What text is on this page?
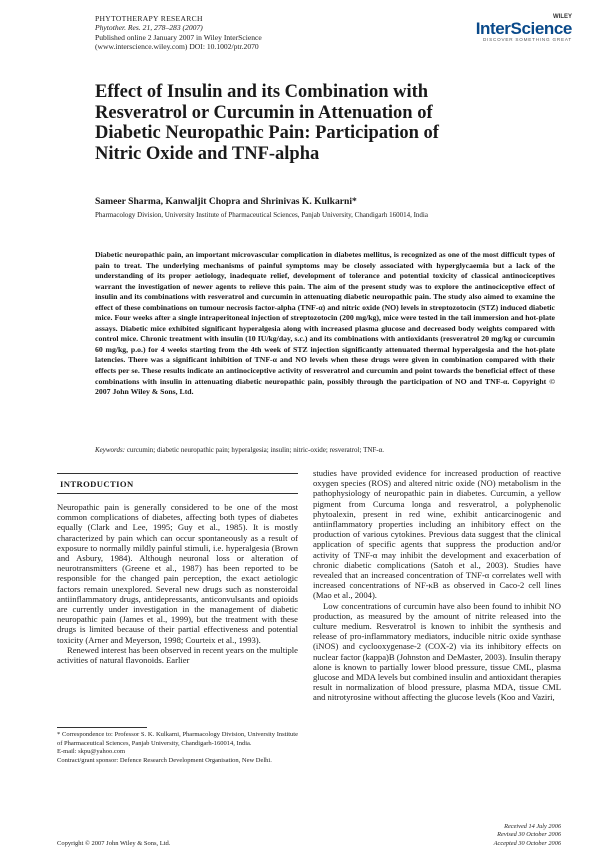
PHYTOTHERAPY RESEARCH
Phytother. Res. 21, 278–283 (2007)
Published online 2 January 2007 in Wiley InterScience
(www.interscience.wiley.com) DOI: 10.1002/ptr.2070
WILEY
InterScience
DISCOVER SOMETHING GREAT
Effect of Insulin and its Combination with
Resveratrol or Curcumin in Attenuation of
Diabetic Neuropathic Pain: Participation of
Nitric Oxide and TNF-alpha
Sameer Sharma, Kanwaljit Chopra and Shrinivas K. Kulkarni*
Pharmacology Division, University Institute of Pharmaceutical Sciences, Panjab University, Chandigarh 160014, India
Diabetic neuropathic pain, an important microvascular complication in diabetes mellitus, is recognized as one of the most difficult types of pain to treat. The underlying mechanisms of painful symptoms may be closely associated with hyperglycaemia but a lack of the understanding of its proper aetiology, inadequate relief, development of tolerance and potential toxicity of classical antinociceptives warrant the investigation of newer agents to relieve this pain. The aim of the present study was to explore the antinociceptive effect of insulin and its combinations with resveratrol and curcumin in attenuating diabetic neuropathic pain. The study also aimed to examine the effect of these combinations on tumour necrosis factor-alpha (TNF-α) and nitric oxide (NO) levels in streptozotocin (STZ) induced diabetic mice. Four weeks after a single intraperitoneal injection of streptozotocin (200 mg/kg), mice were tested in the tail immersion and hot-plate assays. Diabetic mice exhibited significant hyperalgesia along with increased plasma glucose and decreased body weights compared with control mice. Chronic treatment with insulin (10 IU/kg/day, s.c.) and its combinations with antioxidants (resveratrol 20 mg/kg or curcumin 60 mg/kg, p.o.) for 4 weeks starting from the 4th week of STZ injection significantly attenuated thermal hyperalgesia and the hot-plate latencies. There was a significant inhibition of TNF-α and NO levels when these drugs were given in combination compared with their effects per se. These results indicate an antinociceptive activity of resveratrol and curcumin and point towards the beneficial effect of these combinations with insulin in attenuating diabetic neuropathic pain, possibly through the participation of NO and TNF-α. Copyright © 2007 John Wiley & Sons, Ltd.
Keywords: curcumin; diabetic neuropathic pain; hyperalgesia; insulin; nitric-oxide; resveratrol; TNF-α.
INTRODUCTION

Neuropathic pain is generally considered to be one of the most common complications of diabetes, affecting both types of diabetes equally (Clark and Lee, 1995; Guy et al., 1985). It is mostly characterized by pain which can occur spontaneously as a result of exposure to normally mildly painful stimuli, i.e. hyperalgesia (Brown and Asbury, 1984). Although neuronal loss or alteration of neurotransmitters (Greene et al., 1987) has been reported to be responsible for the changed pain perception, the exact aetiologic factors remain unexplored. Several new drugs such as nonsteroidal antiinflammatory drugs, antidepressants, anticonvulsants and opioids are currently under investigation in the management of diabetic neuropathic pain (James et al., 1999), but the treatment with these drugs is limited because of their partial effectiveness and potential toxicity (Arner and Meyerson, 1998; Courteix et al., 1993).

Renewed interest has been observed in recent years on the multiple activities of natural flavonoids. Earlier

studies have provided evidence for increased production of reactive oxygen species (ROS) and altered nitric oxide (NO) metabolism in the pathophysiology of neuropathic pain in diabetes. Curcumin, a yellow pigment from Curcuma longa and resveratrol, a polyphenolic phytoalexin, present in red wine, exhibit anticarcinogenic and antiinflammatory properties including an inhibitory effect on the production of various cytokines. Previous data suggest that the clinical application of specific agents that suppress the production and/or activity of TNF-α may inhibit the development and exacerbation of chronic diabetic complications (Satoh et al., 2003). Studies have revealed that an increased concentration of TNF-α correlates well with increased concentrations of NF-κB as observed in Caco-2 cell lines (Mao et al., 2004).

Low concentrations of curcumin have also been found to inhibit NO production, as measured by the amount of nitrite released into the culture medium. Resveratrol is known to inhibit the synthesis and release of pro-inflammatory mediators, inducible nitric oxide synthase (iNOS) and cyclooxygenase-2 (COX-2) via its inhibitory effects on nuclear factor (kappa)B (Johnston and DeMaster, 2003). Insulin therapy alone is known to partially lower blood pressure, tissue CML, plasma glucose and MDA levels but combined insulin and antioxidant therapies result in normalization of blood pressure, plasma MDA, tissue CML and nitrotyrosine without affecting the glucose levels (Koo and Vaziri,

* Correspondence to: Professor S. K. Kulkarni, Pharmacology Division, University Institute of Pharmaceutical Sciences, Panjab University, Chandigarh-160014, India.
E-mail: skpu@yahoo.com
Contract/grant sponsor: Defence Research Development Organisation, New Delhi.
Copyright © 2007 John Wiley & Sons, Ltd.
Received 14 July 2006
Revised 30 October 2006
Accepted 30 October 2006
